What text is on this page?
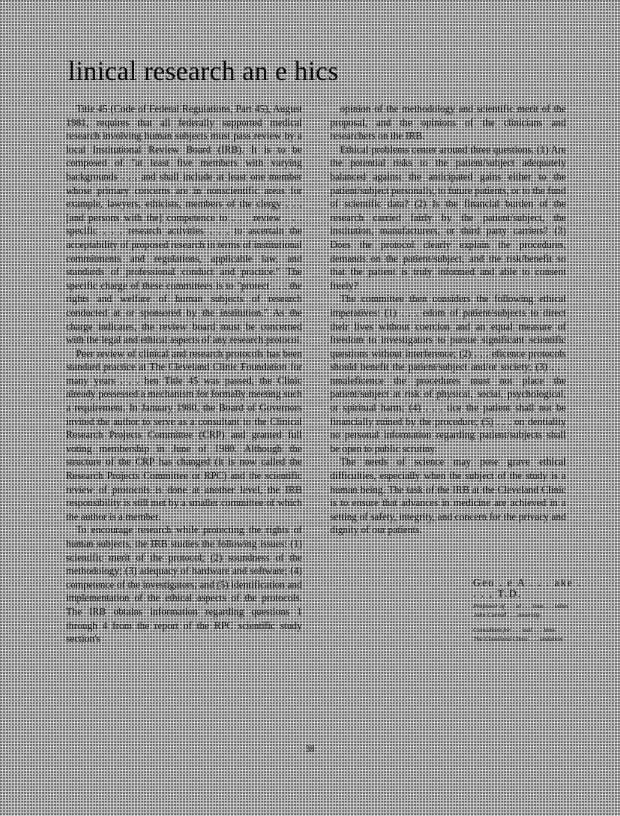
linical research an e hics

Title 45 (Code of Federal Regulations, Part 45), August 1981, requires that all federally supported medical research involving human subjects must pass review by a local Institutional Review Board (IRB). It is to be composed of "at least five members with varying backgrounds . . . and shall include at least one member whose primary concerns are in nonscientific areas for example, lawyers, ethicists, members of the clergy . . . [and persons with the] competence to . . . review . . . specific . . . research activities . . . to ascertain the acceptability of proposed research in terms of institutional commitments and regulations, applicable law, and standards of professional conduct and practice." The specific charge of these committees is to "protect . . . the rights and welfare of human subjects of research conducted at or sponsored by the institution." As the charge indicates, the review board must be concerned with the legal and ethical aspects of any research protocol.

Peer review of clinical and research protocols has been standard practice at The Cleveland Clinic Foundation for many years . . . hen Title 45 was passed, the Clinic already possessed a mechanism for formally meeting such a requirement. In January 1980, the Board of Governors invited the author to serve as a consultant to the Clinical Research Projects Committee (CRP) and granted full voting membership in June of 1980. Although the structure of the CRP has changed (it is now called the Research Projects Committee or RPC) and the scientific review of protocols is done at another level, the IRB responsibility is still met by a smaller committee of which the author is a member.

To encourage research while protecting the rights of human subjects, the IRB studies the following issues: (1) scientific merit of the protocol; (2) soundness of the methodology; (3) adequacy of hardware and software; (4) competence of the investigators; and (5) identification and implementation of the ethical aspects of the protocols. The IRB obtains information regarding questions 1 through 4 from the report of the RPC scientific study section's

opinion of the methodology and scientific merit of the proposal, and the opinions of the clinicians and researchers on the IRB.

Ethical problems center around three questions. (1) Are the potential risks to the patient/subject adequately balanced against the anticipated gains either to the patient/subject personally, to future patients, or to the fund of scientific data? (2) Is the financial burden of the research carried fairly by the patient/subject, the institution, manufacturers, or third party carriers? (3) Does the protocol clearly explain the procedures, demands on the patient/subject, and the risk/benefit so that the patient is truly informed and able to consent freely?

The committee then considers the following ethical imperatives: (1) . . . edom of patient/subjects to direct their lives without coercion and an equal measure of freedom to investigators to pursue significant scientific questions without interference; (2) . . . eficence protocols should benefit the patient/subject and/or society; (3) . . . nmaleficence the procedures must not place the patient/subject at risk of physical, social, psychological, or spiritual harm; (4) . . . tice the patient shall not be financially ruined by the procedure; (5) . . . on dentiality no personal information regarding patient/subjects shall be open to public scrutiny.

The needs of science may pose grave ethical difficulties, especially when the subject of the study is a human being. The task of the IRB at the Cleveland Clinic is to ensure that advances in medicine are achieved in a setting of safety, integrity, and concern for the privacy and dignity of our patients.

Geo . e A . . . ake . . . , T.D.
Professor of . . . al . . . ious . . . udies
John Carroll . . . niversity
Consultant for . . . ical . . . lems
The Cleveland Clinic . . . undation
38
